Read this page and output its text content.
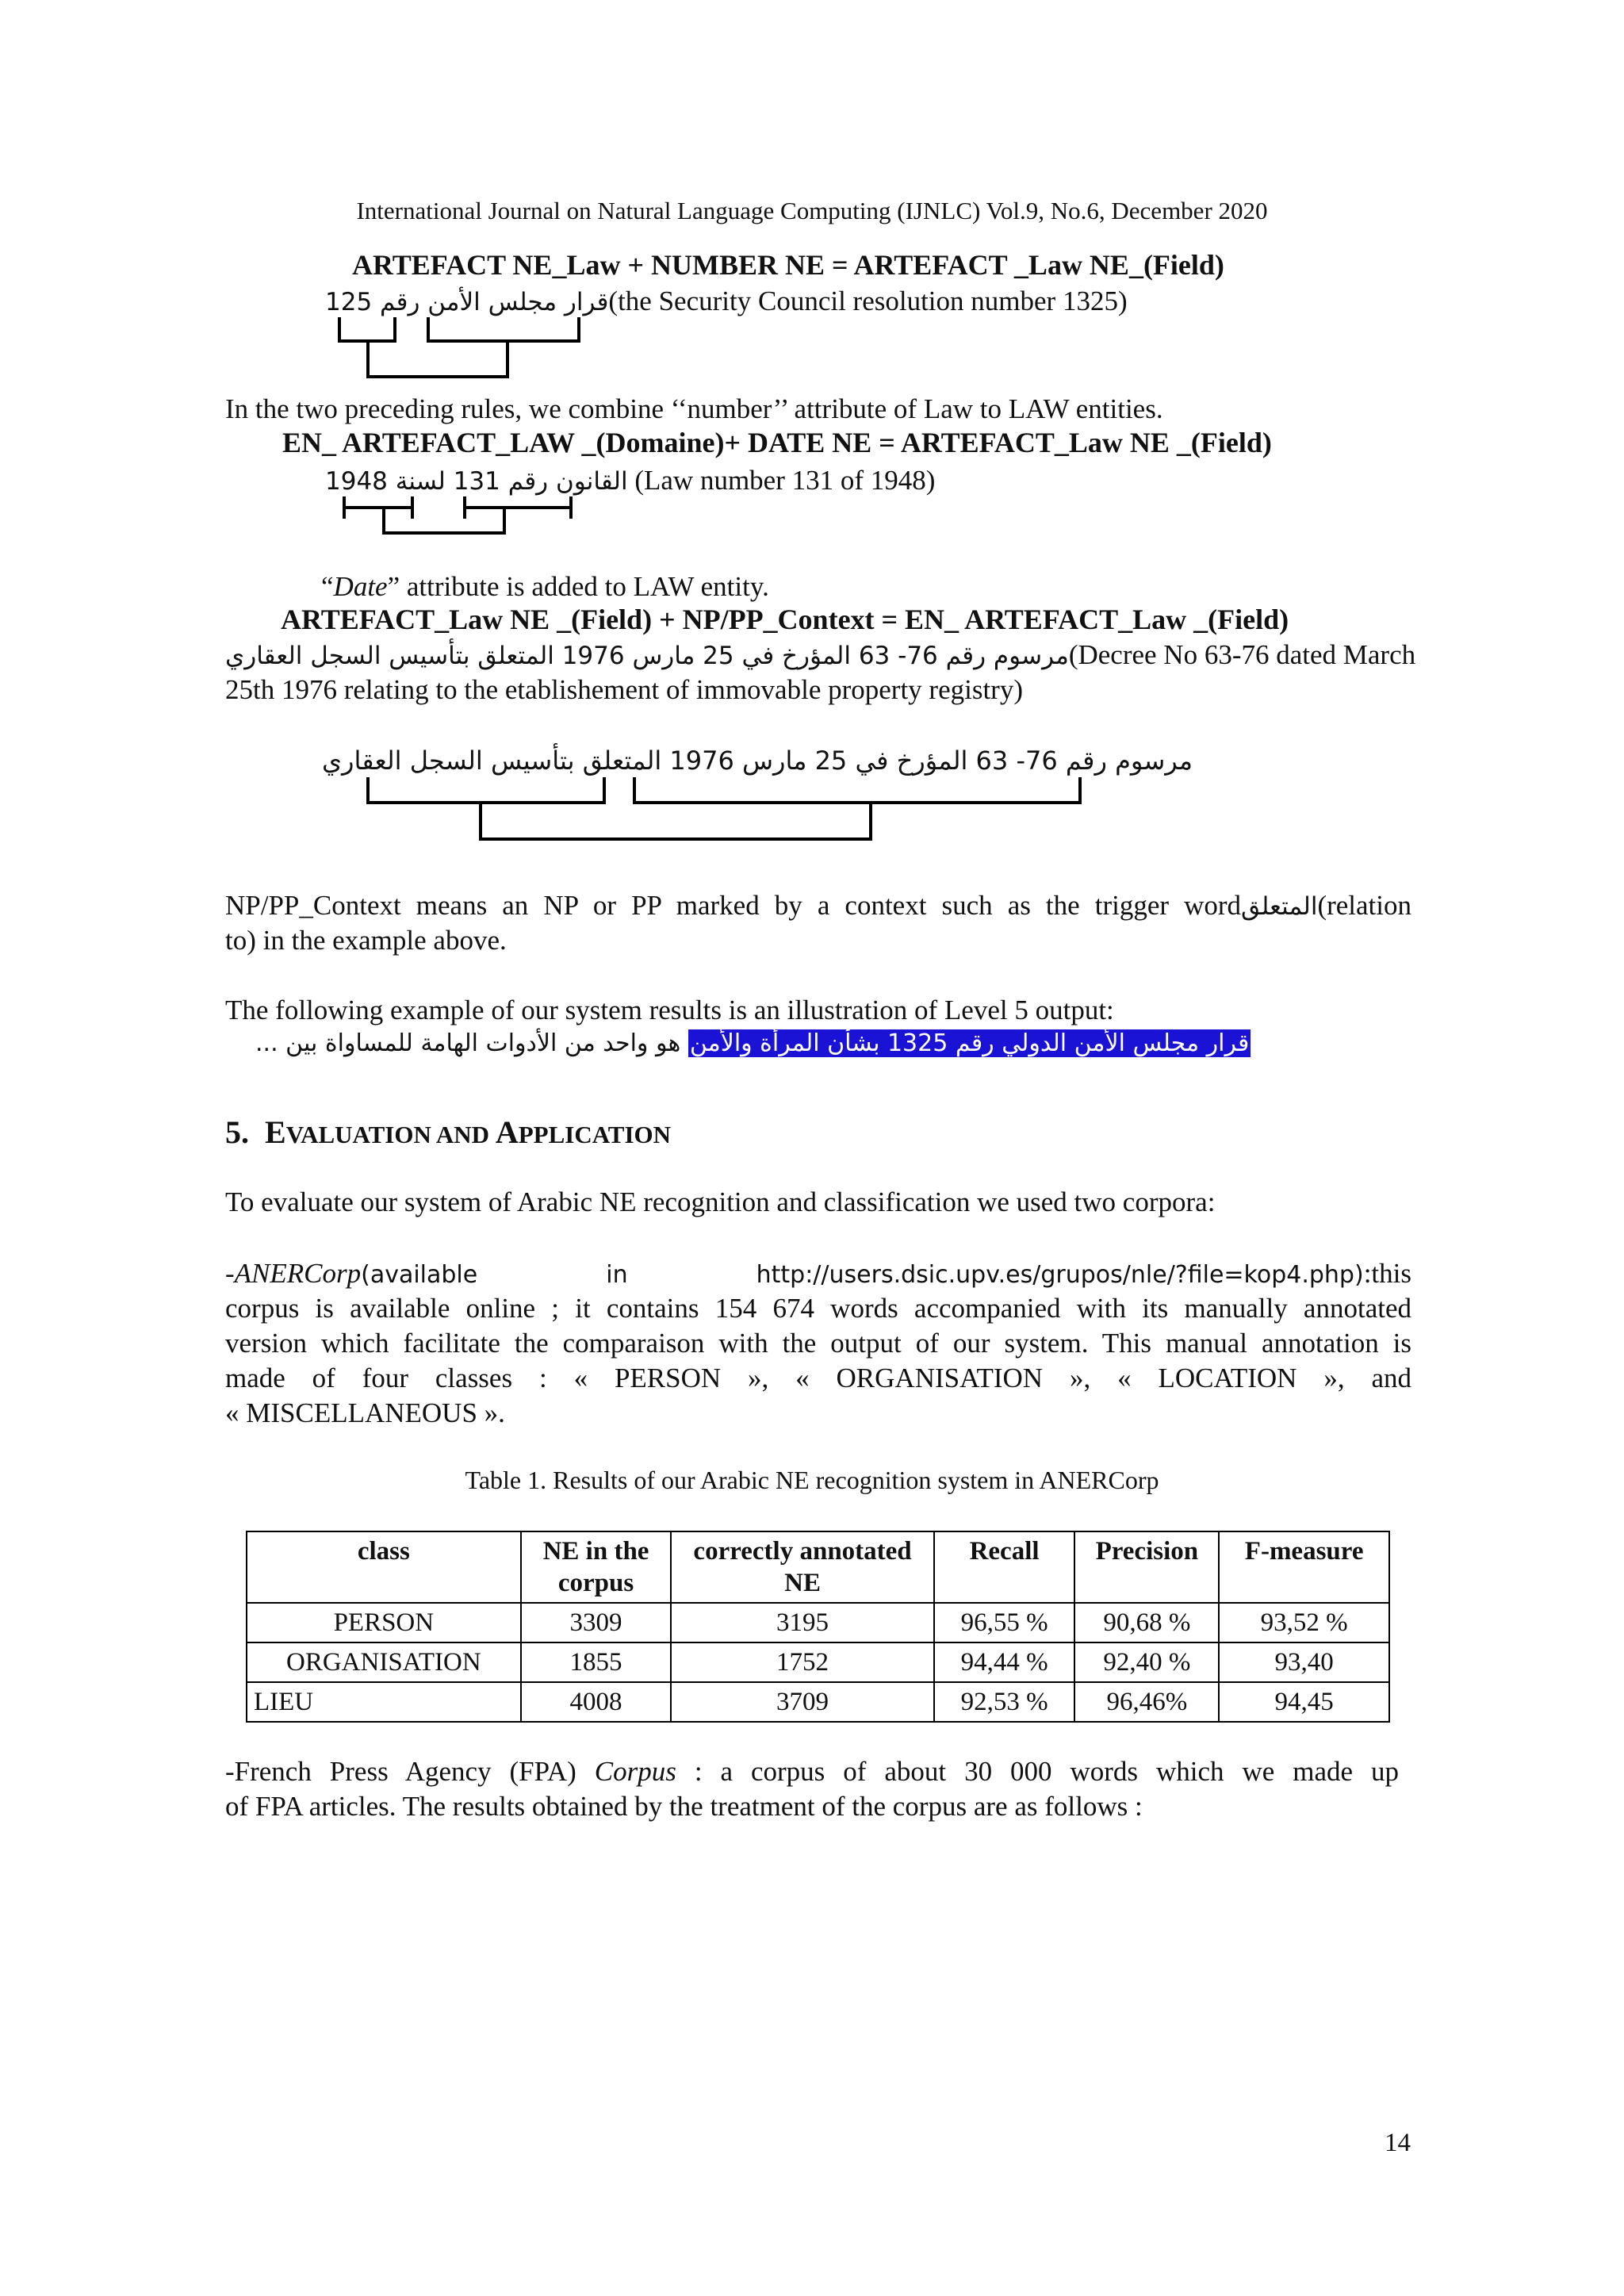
International Journal on Natural Language Computing (IJNLC) Vol.9, No.6, December 2020
ARTEFACT NE_Law + NUMBER NE = ARTEFACT _Law NE_(Field)
قرار مجلس الأمن رقم 125(the Security Council resolution number 1325)
In the two preceding rules, we combine ‘‘number’’ attribute of Law to LAW entities.
EN_ ARTEFACT_LAW _(Domaine)+ DATE NE = ARTEFACT_Law NE _(Field)
القانون رقم 131 لسنة 1948 (Law number 131 of 1948)
“Date” attribute is added to LAW entity.
ARTEFACT_Law NE _(Field) + NP/PP_Context = EN_ ARTEFACT_Law _(Field)
مرسوم رقم 76- 63 المؤرخ في 25 مارس 1976 المتعلق بتأسيس السجل العقاري(Decree No 63-76 dated March
25th 1976 relating to the etablishement of immovable property registry)
مرسوم رقم 76- 63 المؤرخ في 25 مارس 1976 المتعلق بتأسيس السجل العقاري
NP/PP_Context means an NP or PP marked by a context such as the trigger wordالمتعلق(relation
to) in the example above.
The following example of our system results is an illustration of Level 5 output:
قرار مجلس الأمن الدولي رقم 1325 بشأن المرأة والأمن هو واحد من الأدوات الهامة للمساواة بين ...
5. EVALUATION AND APPLICATION
To evaluate our system of Arabic NE recognition and classification we used two corpora:
-ANERCorp(available in http://users.dsic.upv.es/grupos/nle/?file=kop4.php):this
corpus is available online ; it contains 154 674 words accompanied with its manually annotated
version which facilitate the comparaison with the output of our system. This manual annotation is
made of four classes : « PERSON », « ORGANISATION », « LOCATION », and
« MISCELLANEOUS ».
Table 1. Results of our Arabic NE recognition system in ANERCorp
class	NE in the corpus	correctly annotated NE	Recall	Precision	F-measure
PERSON	3309	3195	96,55 %	90,68 %	93,52 %
ORGANISATION	1855	1752	94,44 %	92,40 %	93,40
LIEU	4008	3709	92,53 %	96,46%	94,45
-French Press Agency (FPA) Corpus : a corpus of about 30 000 words which we made up
of FPA articles. The results obtained by the treatment of the corpus are as follows :
14
